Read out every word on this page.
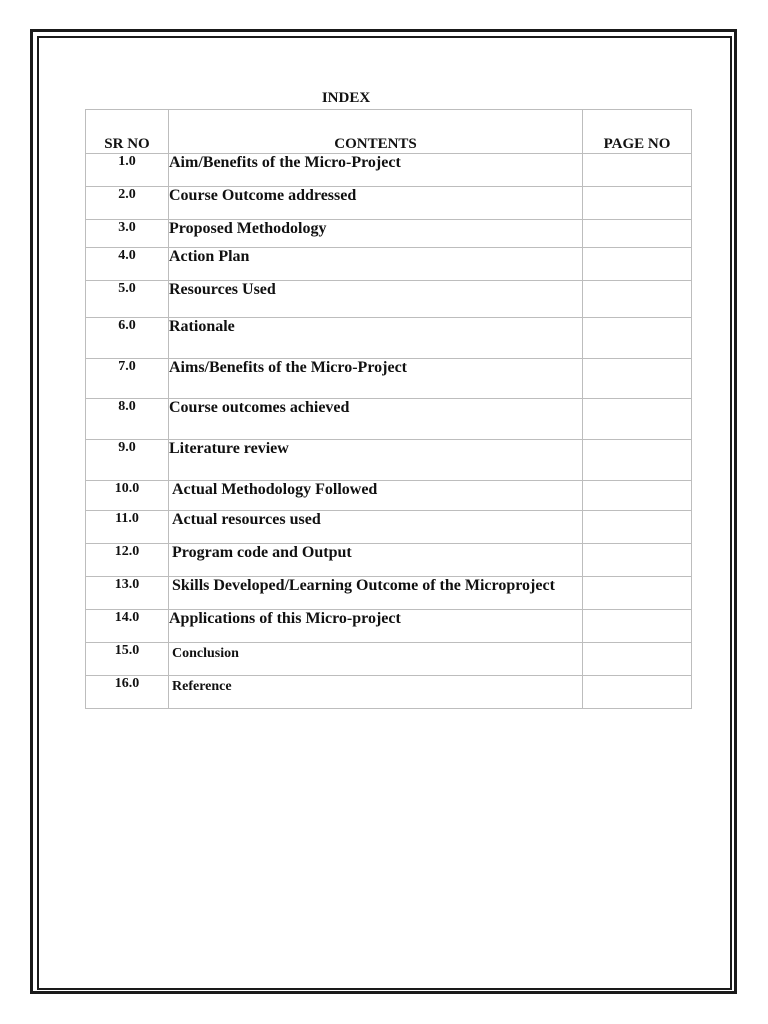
INDEX
SR NO	CONTENTS	PAGE NO
1.0	Aim/Benefits of the Micro-Project	
2.0	Course Outcome addressed	
3.0	Proposed Methodology	
4.0	Action Plan	
5.0	Resources Used	
6.0	Rationale	
7.0	Aims/Benefits of the Micro-Project	
8.0	Course outcomes achieved	
9.0	Literature review	
10.0	Actual Methodology Followed	
11.0	Actual resources used	
12.0	Program code and Output	
13.0	Skills Developed/Learning Outcome of the Microproject	
14.0	Applications of this Micro-project	
15.0	Conclusion	
16.0	Reference	
